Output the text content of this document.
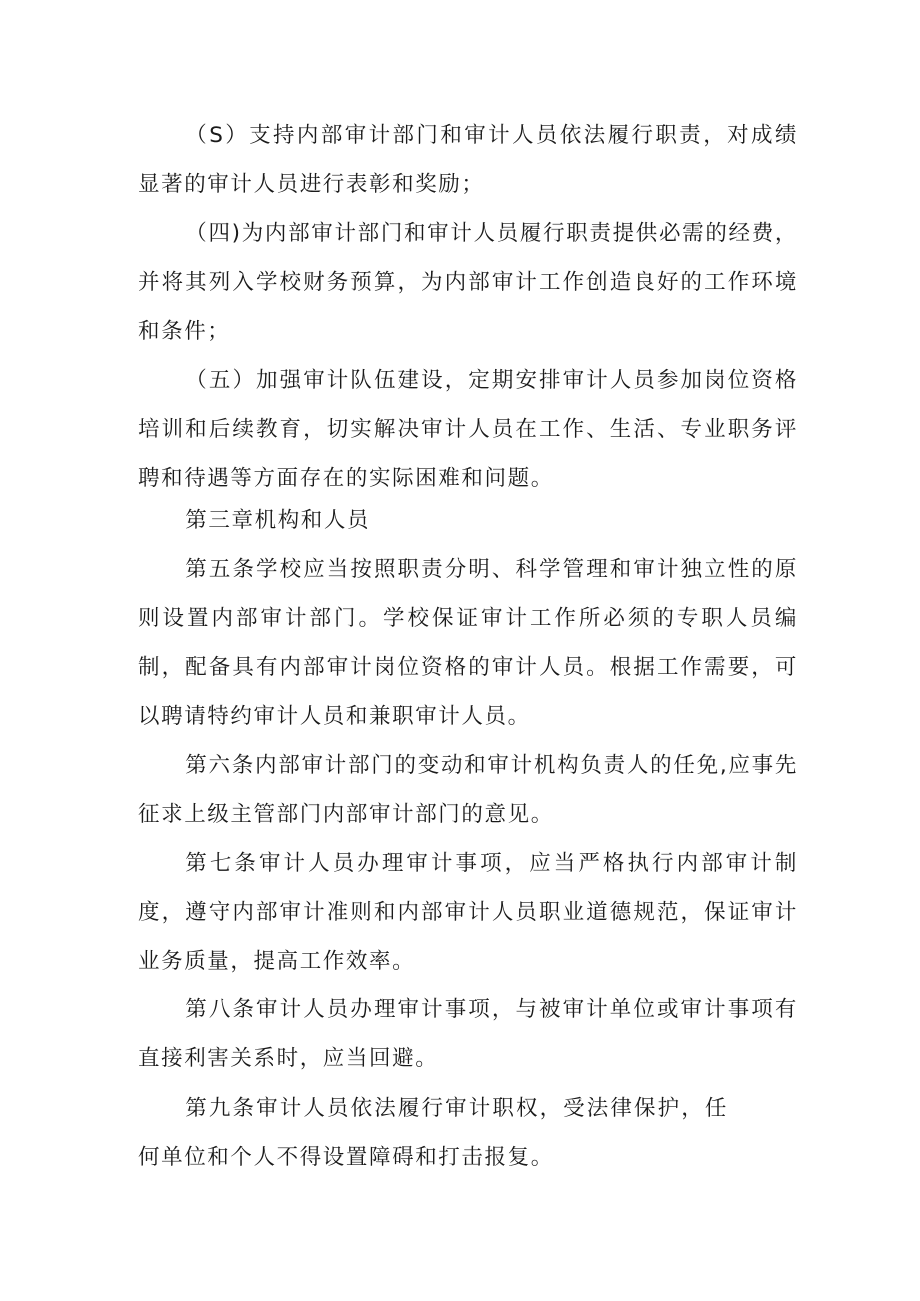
（S）支持内部审计部门和审计人员依法履行职责，对成绩显著的审计人员进行表彰和奖励；

（四)为内部审计部门和审计人员履行职责提供必需的经费，并将其列入学校财务预算，为内部审计工作创造良好的工作环境和条件；

（五）加强审计队伍建设，定期安排审计人员参加岗位资格培训和后续教育，切实解决审计人员在工作、生活、专业职务评聘和待遇等方面存在的实际困难和问题。

第三章机构和人员

第五条学校应当按照职责分明、科学管理和审计独立性的原则设置内部审计部门。学校保证审计工作所必须的专职人员编制，配备具有内部审计岗位资格的审计人员。根据工作需要，可以聘请特约审计人员和兼职审计人员。

第六条内部审计部门的变动和审计机构负责人的任免,应事先征求上级主管部门内部审计部门的意见。

第七条审计人员办理审计事项，应当严格执行内部审计制度，遵守内部审计准则和内部审计人员职业道德规范，保证审计业务质量，提高工作效率。

第八条审计人员办理审计事项，与被审计单位或审计事项有直接利害关系时，应当回避。

第九条审计人员依法履行审计职权，受法律保护，任何单位和个人不得设置障碍和打击报复。
